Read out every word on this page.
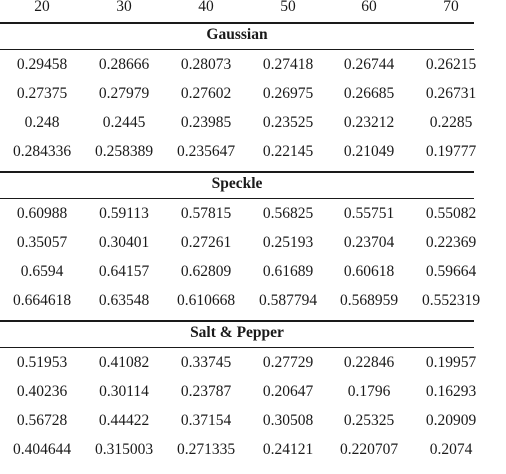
20	30	40	50	60	70
Gaussian
0.29458	0.28666	0.28073	0.27418	0.26744	0.26215
0.27375	0.27979	0.27602	0.26975	0.26685	0.26731
0.248	0.2445	0.23985	0.23525	0.23212	0.2285
0.284336	0.258389	0.235647	0.22145	0.21049	0.19777
Speckle
0.60988	0.59113	0.57815	0.56825	0.55751	0.55082
0.35057	0.30401	0.27261	0.25193	0.23704	0.22369
0.6594	0.64157	0.62809	0.61689	0.60618	0.59664
0.664618	0.63548	0.610668	0.587794	0.568959	0.552319
Salt & Pepper
0.51953	0.41082	0.33745	0.27729	0.22846	0.19957
0.40236	0.30114	0.23787	0.20647	0.1796	0.16293
0.56728	0.44422	0.37154	0.30508	0.25325	0.20909
0.404644	0.315003	0.271335	0.24121	0.220707	0.2074
